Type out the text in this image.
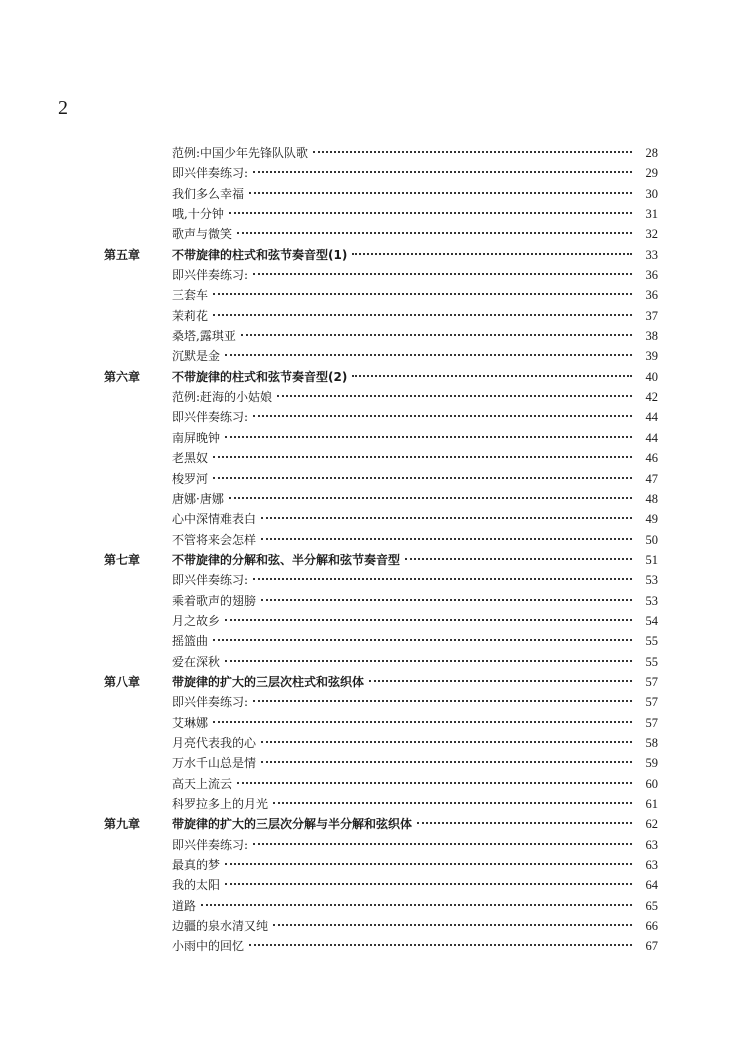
2
范例:中国少年先锋队队歌	28
即兴伴奏练习:	29
我们多么幸福	30
哦,十分钟	31
歌声与微笑	32
第五章	不带旋律的柱式和弦节奏音型(1)	33
即兴伴奏练习:	36
三套车	36
茉莉花	37
桑塔,露琪亚	38
沉默是金	39
第六章	不带旋律的柱式和弦节奏音型(2)	40
范例:赶海的小姑娘	42
即兴伴奏练习:	44
南屏晚钟	44
老黑奴	46
梭罗河	47
唐娜·唐娜	48
心中深情难表白	49
不管将来会怎样	50
第七章	不带旋律的分解和弦、半分解和弦节奏音型	51
即兴伴奏练习:	53
乘着歌声的翅膀	53
月之故乡	54
摇篮曲	55
爱在深秋	55
第八章	带旋律的扩大的三层次柱式和弦织体	57
即兴伴奏练习:	57
艾琳娜	57
月亮代表我的心	58
万水千山总是情	59
高天上流云	60
科罗拉多上的月光	61
第九章	带旋律的扩大的三层次分解与半分解和弦织体	62
即兴伴奏练习:	63
最真的梦	63
我的太阳	64
道路	65
边疆的泉水清又纯	66
小雨中的回忆	67
